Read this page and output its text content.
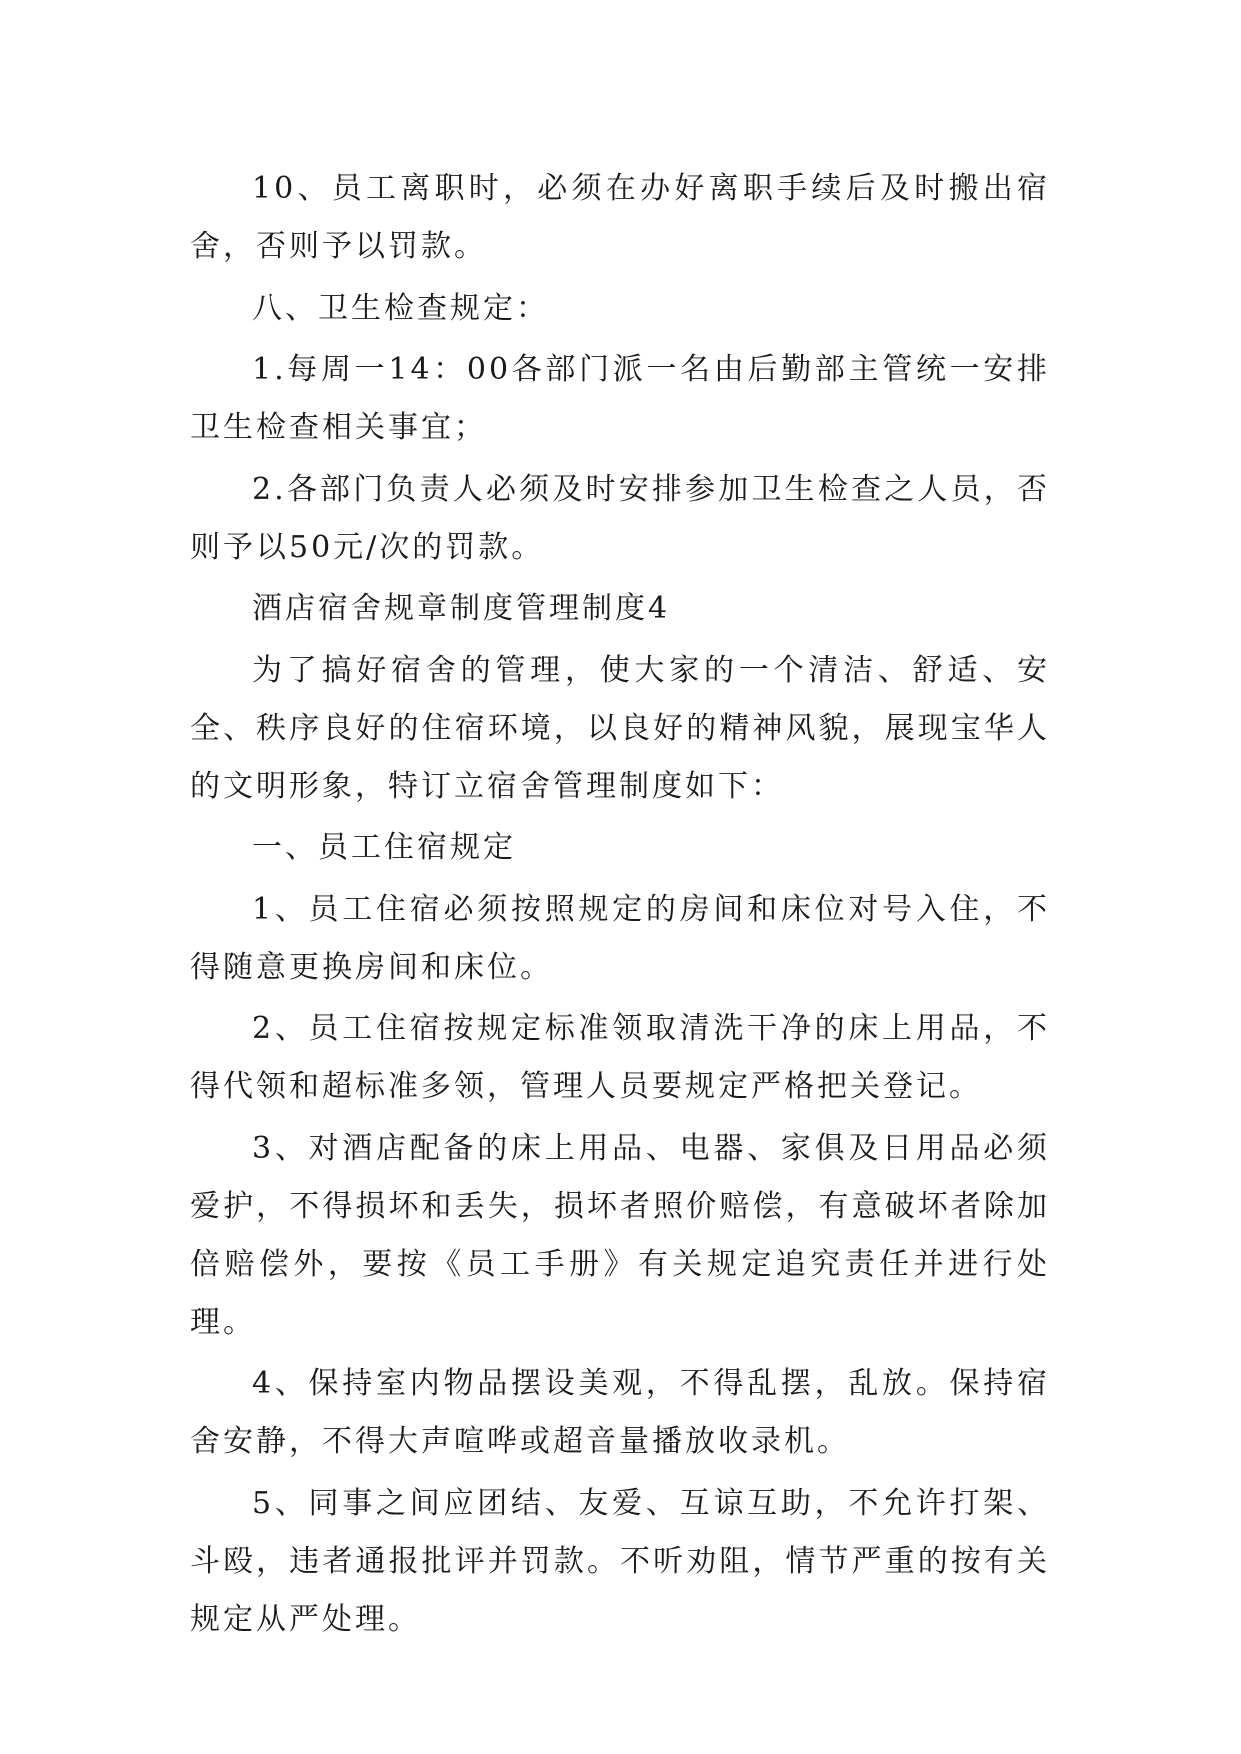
10、员工离职时，必须在办好离职手续后及时搬出宿舍，否则予以罚款。

八、卫生检查规定：

1.每周一14：00各部门派一名由后勤部主管统一安排卫生检查相关事宜；

2.各部门负责人必须及时安排参加卫生检查之人员，否则予以50元/次的罚款。

酒店宿舍规章制度管理制度4

为了搞好宿舍的管理，使大家的一个清洁、舒适、安全、秩序良好的住宿环境，以良好的精神风貌，展现宝华人的文明形象，特订立宿舍管理制度如下：

一、员工住宿规定

1、员工住宿必须按照规定的房间和床位对号入住，不得随意更换房间和床位。

2、员工住宿按规定标准领取清洗干净的床上用品，不得代领和超标准多领，管理人员要规定严格把关登记。

3、对酒店配备的床上用品、电器、家俱及日用品必须爱护，不得损坏和丢失，损坏者照价赔偿，有意破坏者除加倍赔偿外，要按《员工手册》有关规定追究责任并进行处理。

4、保持室内物品摆设美观，不得乱摆，乱放。保持宿舍安静，不得大声喧哗或超音量播放收录机。

5、同事之间应团结、友爱、互谅互助，不允许打架、斗殴，违者通报批评并罚款。不听劝阻，情节严重的按有关规定从严处理。
